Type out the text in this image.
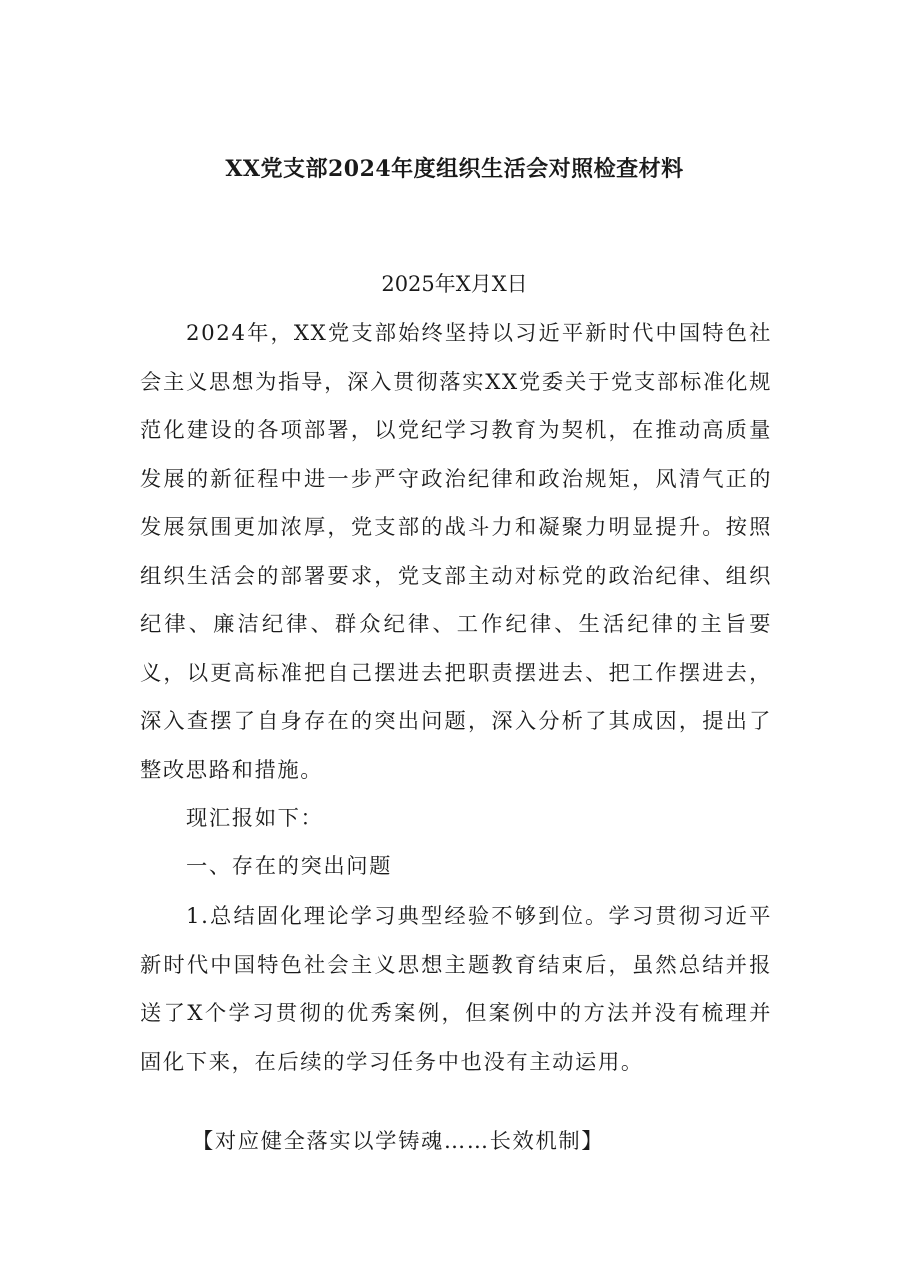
XX党支部2024年度组织生活会对照检查材料

2025年X月X日

2024年，XX党支部始终坚持以习近平新时代中国特色社会主义思想为指导，深入贯彻落实XX党委关于党支部标准化规范化建设的各项部署，以党纪学习教育为契机，在推动高质量发展的新征程中进一步严守政治纪律和政治规矩，风清气正的发展氛围更加浓厚，党支部的战斗力和凝聚力明显提升。按照组织生活会的部署要求，党支部主动对标党的政治纪律、组织纪律、廉洁纪律、群众纪律、工作纪律、生活纪律的主旨要义，以更高标准把自己摆进去把职责摆进去、把工作摆进去，深入查摆了自身存在的突出问题，深入分析了其成因，提出了整改思路和措施。

现汇报如下：

一、存在的突出问题

1.总结固化理论学习典型经验不够到位。学习贯彻习近平新时代中国特色社会主义思想主题教育结束后，虽然总结并报送了X个学习贯彻的优秀案例，但案例中的方法并没有梳理并固化下来，在后续的学习任务中也没有主动运用。

【对应健全落实以学铸魂……长效机制】
